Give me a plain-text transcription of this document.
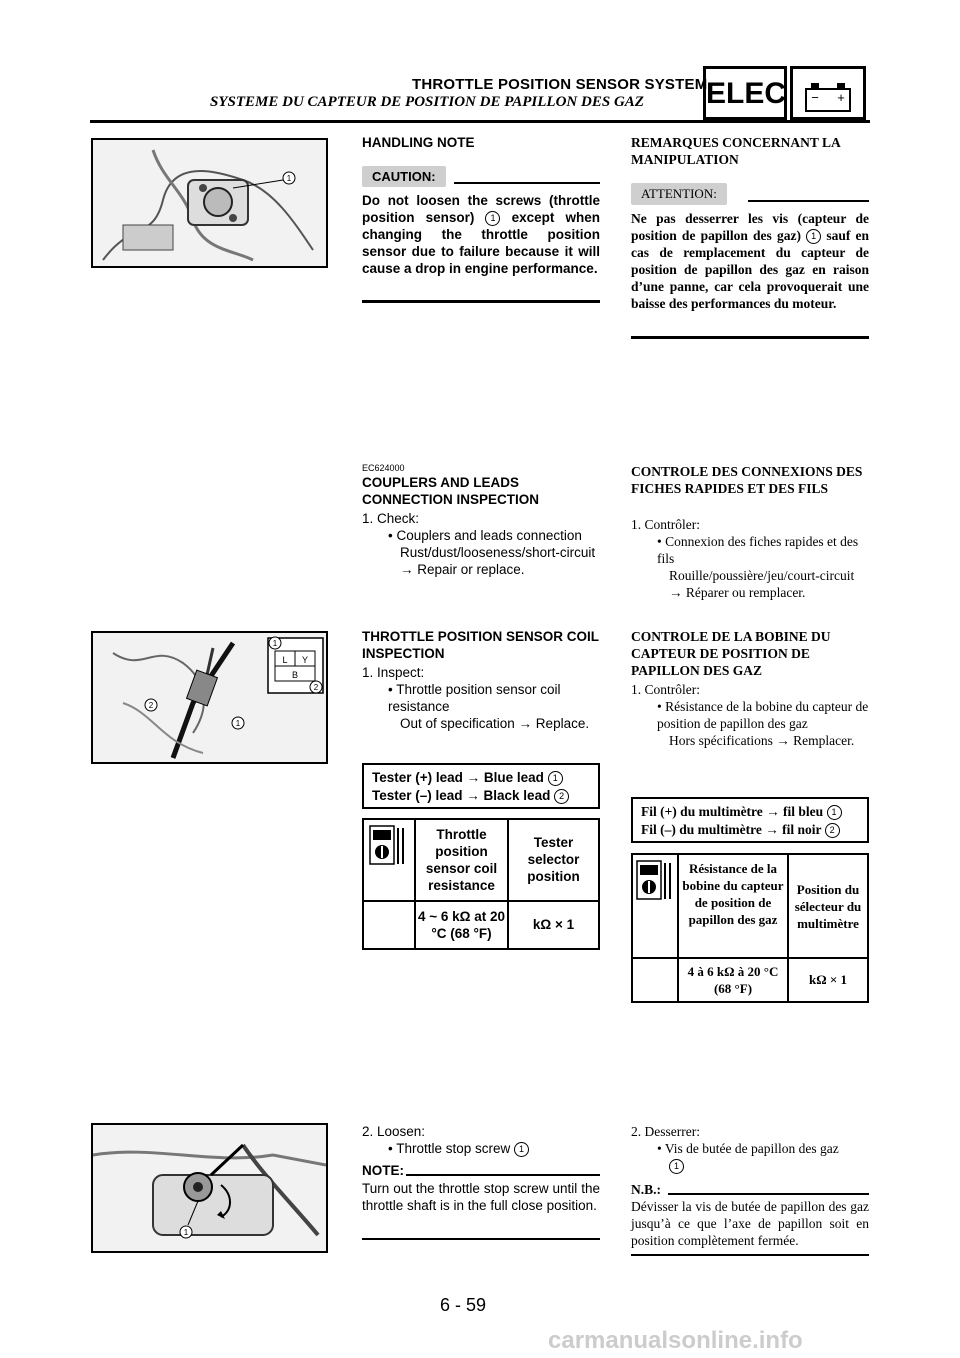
THROTTLE POSITION SENSOR SYSTEM
SYSTEME DU CAPTEUR DE POSITION DE PAPILLON DES GAZ ELEC − +
1
HANDLING NOTE
CAUTION:
Do not loosen the screws (throttle position sensor) 1 except when changing the throttle position sensor due to failure because it will cause a drop in engine performance.
REMARQUES CONCERNANT LA MANIPULATION
ATTENTION:
Ne pas desserrer les vis (capteur de position de papillon des gaz) 1 sauf en cas de remplacement du capteur de position de papillon des gaz en raison d’une panne, car cela provoquerait une baisse des performances du moteur.
EC624000
COUPLERS AND LEADS CONNECTION INSPECTION
1. Check:
• Couplers and leads connection
Rust/dust/looseness/short-circuit
→ Repair or replace.
CONTROLE DES CONNEXIONS DES FICHES RAPIDES ET DES FILS
1. Contrôler:
• Connexion des fiches rapides et des fils
Rouille/poussière/jeu/court-circuit
→ Réparer ou remplacer.
L Y
B
1
2
2
1
THROTTLE POSITION SENSOR COIL INSPECTION
1. Inspect:
• Throttle position sensor coil resistance
Out of specification → Replace.
Tester (+) lead → Blue lead 1
Tester (–) lead → Black lead 2
Throttle position sensor coil resistance
Tester selector position
4 ~ 6 kΩ at 20 °C (68 °F)
kΩ × 1
CONTROLE DE LA BOBINE DU CAPTEUR DE POSITION DE PAPILLON DES GAZ
1. Contrôler:
• Résistance de la bobine du capteur de position de papillon des gaz
Hors spécifications → Remplacer.
Fil (+) du multimètre → fil bleu 1
Fil (–) du multimètre → fil noir 2
Résistance de la bobine du capteur de position de papillon des gaz
Position du sélecteur du multimètre
4 à 6 kΩ à 20 °C (68 °F)
kΩ × 1
1
2. Loosen:
• Throttle stop screw 1
NOTE:
Turn out the throttle stop screw until the throttle shaft is in the full close position.
2. Desserrer:
• Vis de butée de papillon des gaz
1
N.B.:
Dévisser la vis de butée de papillon des gaz jusqu’à ce que l’axe de papillon soit en position complètement fermée.
6 - 59
carmanualsonline.info
